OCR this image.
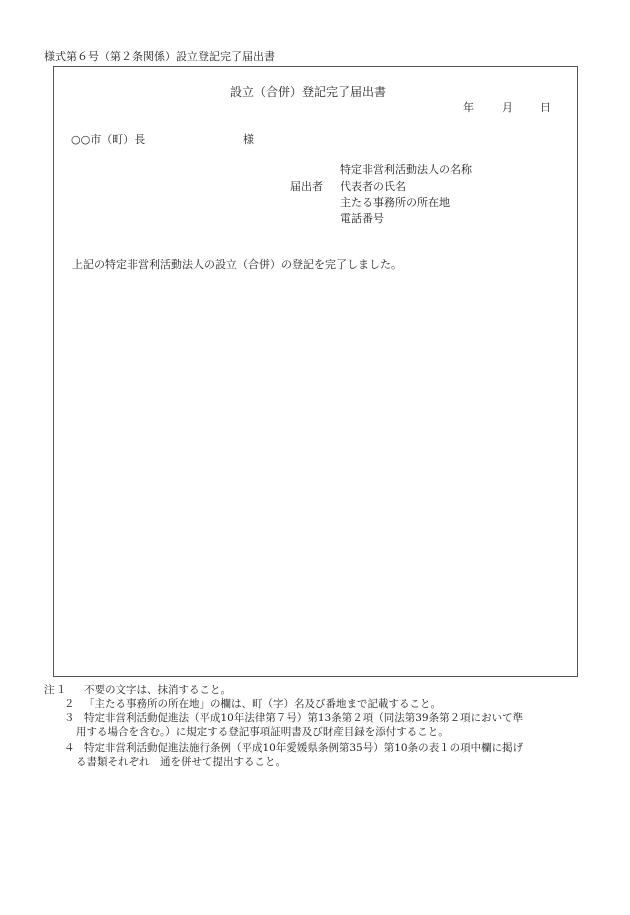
様式第６号（第２条関係）設立登記完了届出書
設立（合併）登記完了届出書
年	月 日
○○市（町）長	様
届出者
特定非営利活動法人の名称
代表者の氏名
主たる事務所の所在地
電話番号
上記の特定非営利活動法人の設立（合併）の登記を完了しました。
注 １ 不要の文字は、抹消すること。
２ 「主たる事務所の所在地」の欄は、町（字）名及び番地まで記載すること。
３ 特定非営利活動促進法（平成10年法律第７号）第13条第２項（同法第39条第２項において準
用する場合を含む。）に規定する登記事項証明書及び財産目録を添付すること。
４ 特定非営利活動促進法施行条例（平成10年愛媛県条例第35号）第10条の表１の項中欄に掲げ
る書類それぞれ　通を併せて提出すること。
